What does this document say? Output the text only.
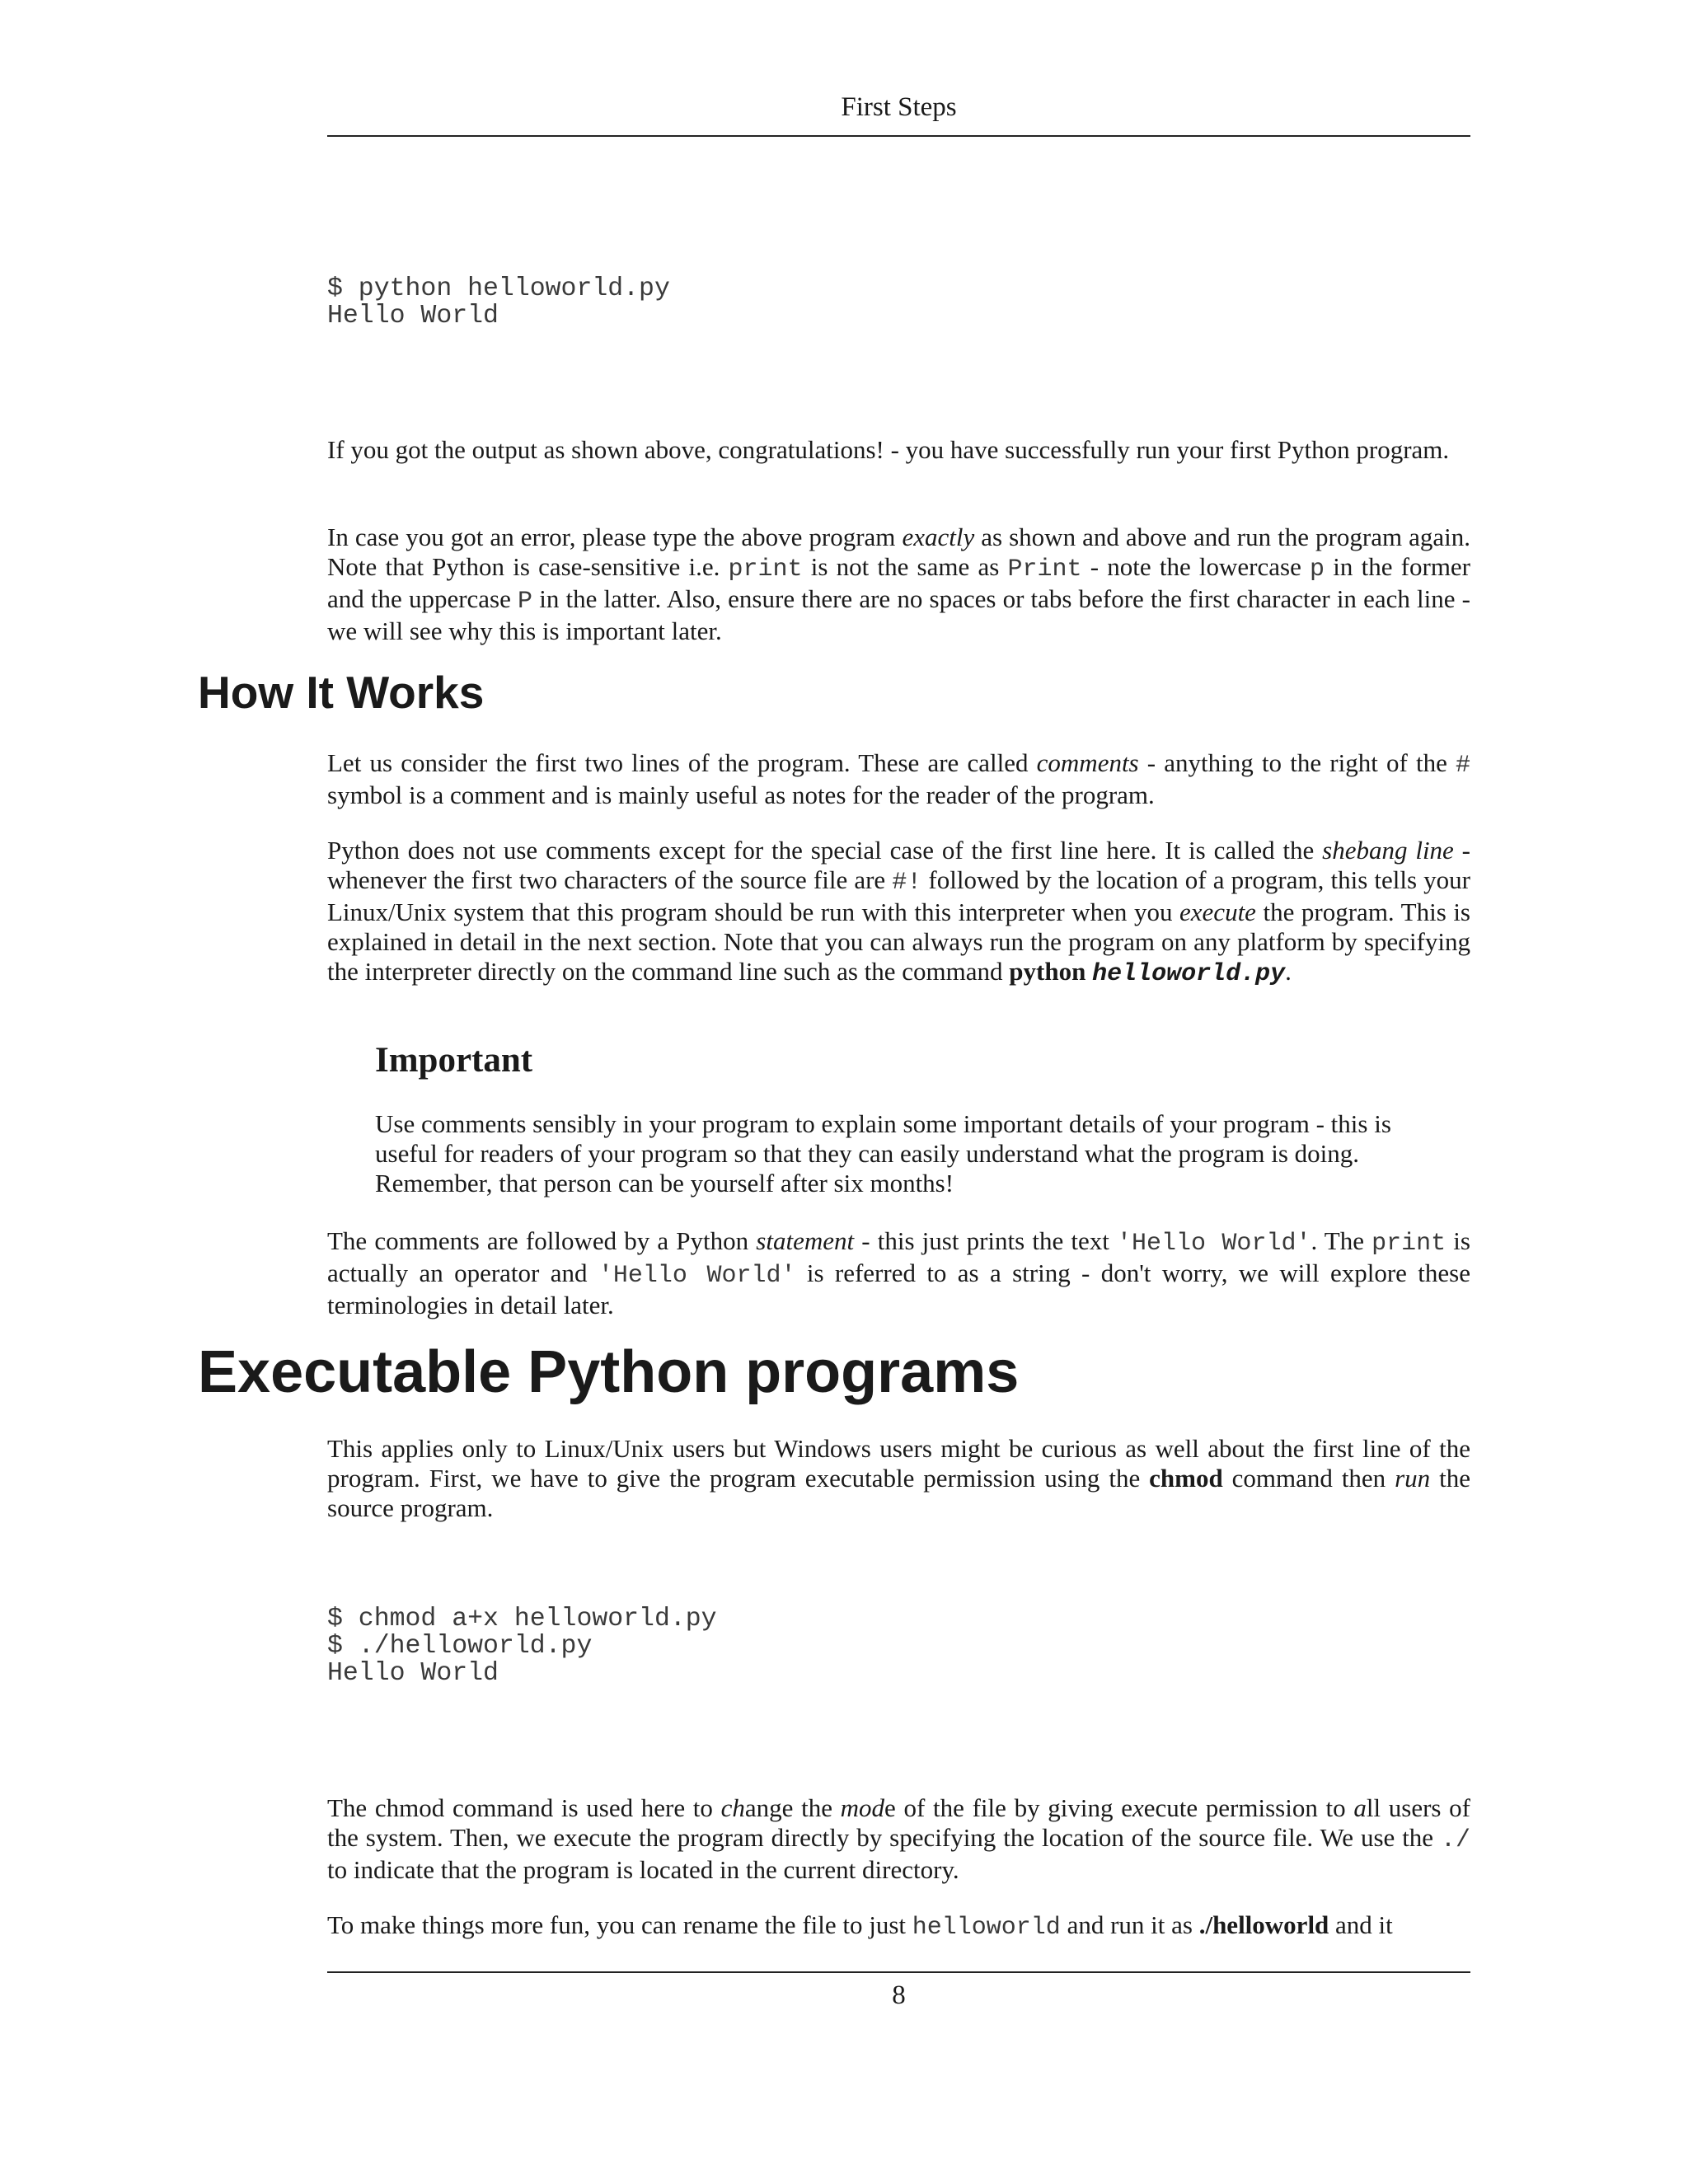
First Steps
$ python helloworld.py
Hello World

If you got the output as shown above, congratulations! - you have successfully run your first Python program.

In case you got an error, please type the above program exactly as shown and above and run the program again. Note that Python is case-sensitive i.e. print is not the same as Print - note the lowercase p in the former and the uppercase P in the latter. Also, ensure there are no spaces or tabs before the first character in each line - we will see why this is important later.

How It Works

Let us consider the first two lines of the program. These are called comments - anything to the right of the # symbol is a comment and is mainly useful as notes for the reader of the program.

Python does not use comments except for the special case of the first line here. It is called the shebang line - whenever the first two characters of the source file are #! followed by the location of a program, this tells your Linux/Unix system that this program should be run with this interpreter when you execute the program. This is explained in detail in the next section. Note that you can always run the program on any platform by specifying the interpreter directly on the command line such as the command python helloworld.py.

Important

Use comments sensibly in your program to explain some important details of your program - this is useful for readers of your program so that they can easily understand what the program is doing. Remember, that person can be yourself after six months!

The comments are followed by a Python statement - this just prints the text 'Hello World'. The print is actually an operator and 'Hello World' is referred to as a string - don't worry, we will explore these terminologies in detail later.

Executable Python programs

This applies only to Linux/Unix users but Windows users might be curious as well about the first line of the program. First, we have to give the program executable permission using the chmod command then run the source program.

$ chmod a+x helloworld.py
$ ./helloworld.py
Hello World

The chmod command is used here to change the mode of the file by giving execute permission to all users of the system. Then, we execute the program directly by specifying the location of the source file. We use the ./ to indicate that the program is located in the current directory.

To make things more fun, you can rename the file to just helloworld and run it as ./helloworld and it

8
